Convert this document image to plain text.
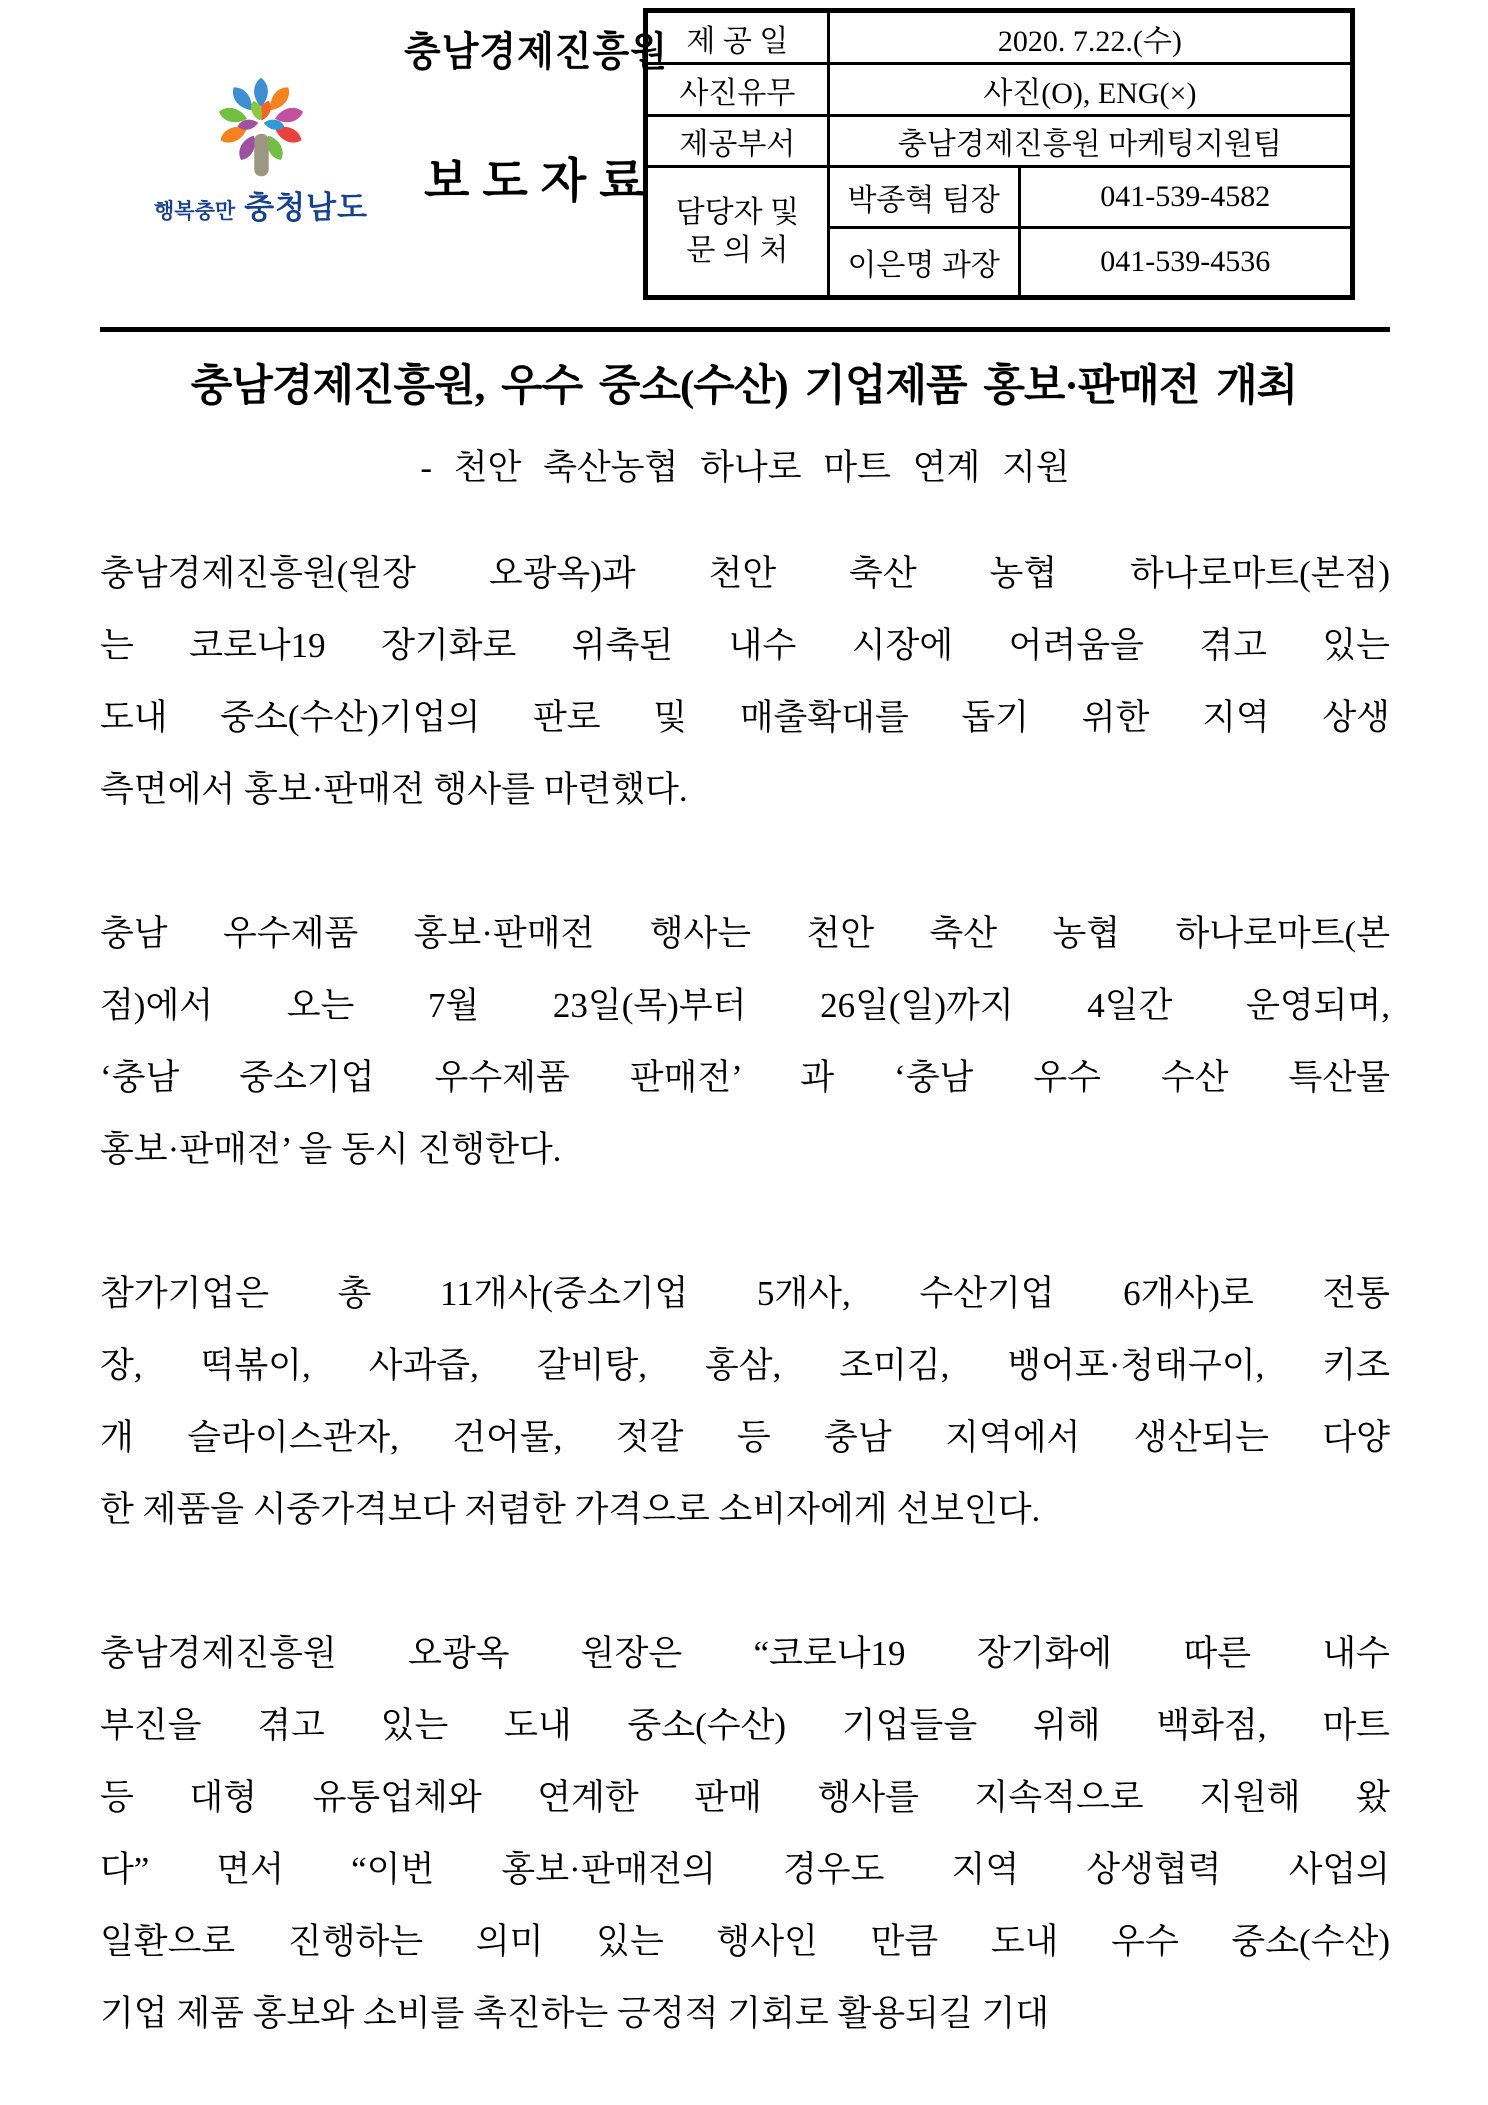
행복충만 충청남도
충남경제진흥원
보도자료
제 공 일	2020. 7.22.(수)	
사진유무	사진(O), ENG(×)	
제공부서	충남경제진흥원 마케팅지원팀	

담당자 및
문 의 처	박종혁 팀장	041-539-4582
	이은명 과장	041-539-4536
충남경제진흥원, 우수 중소(수산) 기업제품 홍보·판매전 개최
- 천안 축산농협 하나로 마트 연계 지원
충남경제진흥원(원장 오광옥)과 천안 축산 농협 하나로마트(본점)
는 코로나19 장기화로 위축된 내수 시장에 어려움을 겪고 있는
도내 중소(수산)기업의 판로 및 매출확대를 돕기 위한 지역 상생
측면에서 홍보·판매전 행사를 마련했다.
충남 우수제품 홍보·판매전 행사는 천안 축산 농협 하나로마트(본
점)에서 오는 7월 23일(목)부터 26일(일)까지 4일간 운영되며,
‘충남 중소기업 우수제품 판매전’ 과 ‘충남 우수 수산 특산물
홍보·판매전’ 을 동시 진행한다.
참가기업은 총 11개사(중소기업 5개사, 수산기업 6개사)로 전통
장, 떡볶이, 사과즙, 갈비탕, 홍삼, 조미김, 뱅어포·청태구이, 키조
개 슬라이스관자, 건어물, 젓갈 등 충남 지역에서 생산되는 다양
한 제품을 시중가격보다 저렴한 가격으로 소비자에게 선보인다.
충남경제진흥원 오광옥 원장은 “코로나19 장기화에 따른 내수
부진을 겪고 있는 도내 중소(수산) 기업들을 위해 백화점, 마트
등 대형 유통업체와 연계한 판매 행사를 지속적으로 지원해 왔
다” 면서 “이번 홍보·판매전의 경우도 지역 상생협력 사업의
일환으로 진행하는 의미 있는 행사인 만큼 도내 우수 중소(수산)
기업 제품 홍보와 소비를 촉진하는 긍정적 기회로 활용되길 기대
